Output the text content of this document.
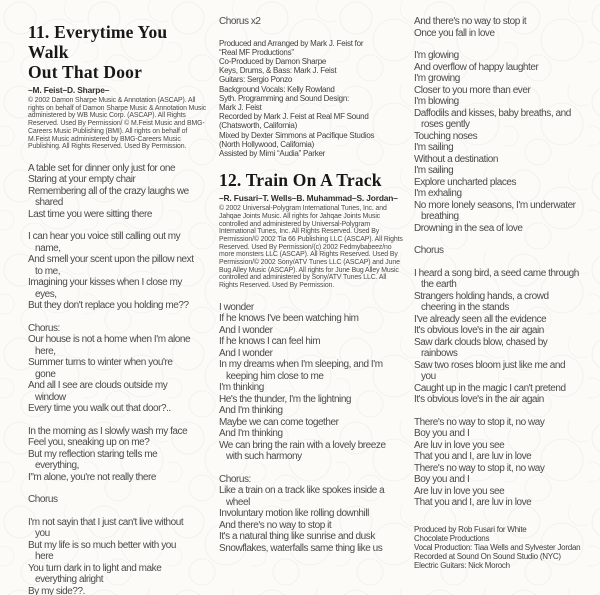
11. Everytime You Walk
Out That Door
–M. Feist–D. Sharpe–
© 2002 Damon Sharpe Music & Annotation (ASCAP). All rights on behalf of Damon Sharpe Music & Annotation Music administered by WB Music Corp. (ASCAP). All Rights Reserved. Used By Permission/ © M.Feist Music and BMG-Careers Music Publishing (BMI). All rights on behalf of M.Feist Music administered by BMG-Careers Music Publishing. All Rights Reserved. Used By Permission.
A table set for dinner only just for one
Staring at your empty chair
Remembering all of the crazy laughs we
shared
Last time you were sitting there
I can hear you voice still calling out my
name,
And smell your scent upon the pillow next
to me,
Imagining your kisses when I close my
eyes,
But they don't replace you holding me??
Chorus:
Our house is not a home when I'm alone
here,
Summer turns to winter when you're
gone
And all I see are clouds outside my
window
Every time you walk out that door?..
In the morning as I slowly wash my face
Feel you, sneaking up on me?
But my reflection staring tells me
everything,
I"m alone, you're not really there
Chorus
I'm not sayin that I just can't live without
you
But my life is so much better with you
here
You turn dark in to light and make
everything alright
By my side??.
Chorus x2
Produced and Arranged by Mark J. Feist for
“Real MF Productions”
Co-Produced by Damon Sharpe
Keys, Drums, & Bass: Mark J. Feist
Guitars: Sergio Ponzo
Background Vocals: Kelly Rowland
Syth. Programming and Sound Design:
Mark J. Feist
Recorded by Mark J. Feist at Real MF Sound
(Chatsworth, California)
Mixed by Dexter Simmons at Pacifique Studios
(North Hollywood, California)
Assisted by Mimi “Audia” Parker
12. Train On A Track
–R. Fusari–T. Wells–B. Muhammad–S. Jordan–
© 2002 Universal-Polygram International Tunes, Inc. and Jahqae Joints Music. All rights for Jahqae Joints Music controlled and administered by Universal-Polygram International Tunes, Inc. All Rights Reserved. Used By Permission/© 2002 Tia 66 Publishing LLC (ASCAP). All Rights Reserved. Used By Permission/(c) 2002 Fedmybabeez/no more monsters LLC (ASCAP). All Rights Reserved. Used By Permission/© 2002 Sony/ATV Tunes LLC (ASCAP) and June Bug Alley Music (ASCAP). All rights for June Bug Alley Music controlled and administered by Sony/ATV Tunes LLC. All Rights Reserved. Used By Permission.
I wonder
If he knows I've been watching him
And I wonder
If he knows I can feel him
And I wonder
In my dreams when I'm sleeping, and I'm
keeping him close to me
I'm thinking
He's the thunder, I'm the lightning
And I'm thinking
Maybe we can come together
And I'm thinking
We can bring the rain with a lovely breeze
with such harmony
Chorus:
Like a train on a track like spokes inside a
wheel
Involuntary motion like rolling downhill
And there's no way to stop it
It's a natural thing like sunrise and dusk
Snowflakes, waterfalls same thing like us
And there's no way to stop it
Once you fall in love
I'm glowing
And overflow of happy laughter
I'm growing
Closer to you more than ever
I'm blowing
Daffodils and kisses, baby breaths, and
roses gently
Touching noses
I'm sailing
Without a destination
I'm sailing
Explore uncharted places
I'm exhaling
No more lonely seasons, I'm underwater
breathing
Drowning in the sea of love
Chorus
I heard a song bird, a seed came through
the earth
Strangers holding hands, a crowd
cheering in the stands
I've already seen all the evidence
It's obvious love's in the air again
Saw dark clouds blow, chased by
rainbows
Saw two roses bloom just like me and
you
Caught up in the magic I can't pretend
It's obvious love's in the air again
There's no way to stop it, no way
Boy you and I
Are luv in love you see
That you and I, are luv in love
There's no way to stop it, no way
Boy you and I
Are luv in love you see
That you and I, are luv in love
Produced by Rob Fusari for White
Chocolate Productions
Vocal Production: Tiaa Wells and Sylvester Jordan
Recorded at Sound On Sound Studio (NYC)
Electric Guitars: Nick Moroch
